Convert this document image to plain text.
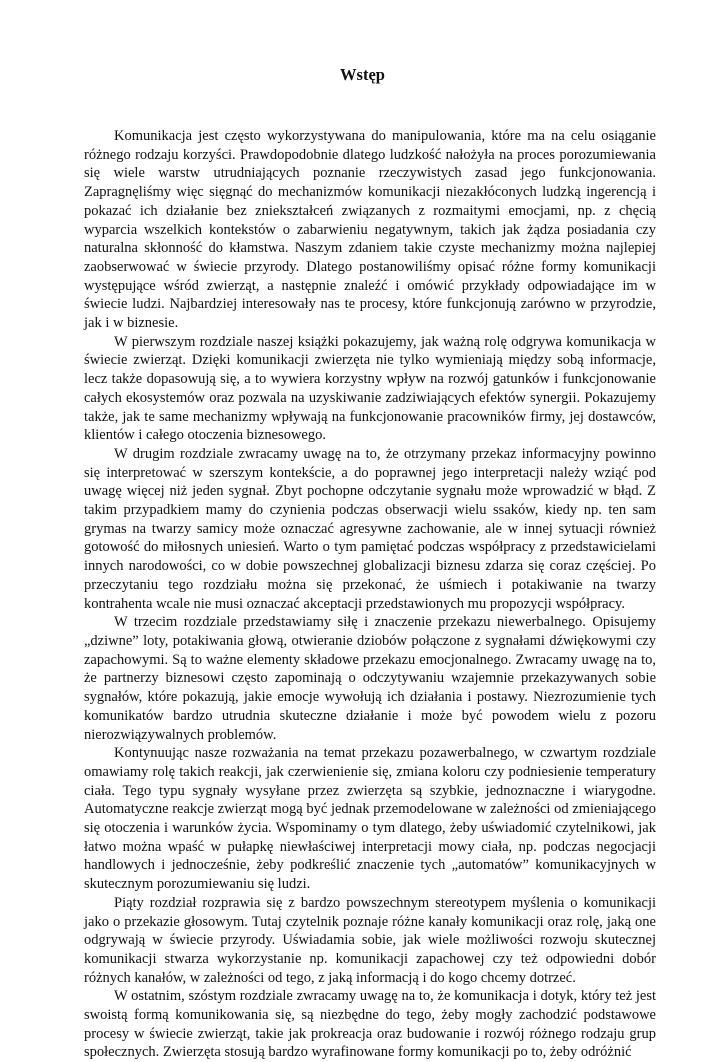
Wstęp

Komunikacja jest często wykorzystywana do manipulowania, które ma na celu osiąganie różnego rodzaju korzyści. Prawdopodobnie dlatego ludzkość nałożyła na proces porozumiewania się wiele warstw utrudniających poznanie rzeczywistych zasad jego funkcjonowania. Zapragnęliśmy więc sięgnąć do mechanizmów komunikacji niezakłóconych ludzką ingerencją i pokazać ich działanie bez zniekształceń związanych z rozmaitymi emocjami, np. z chęcią wyparcia wszelkich kontekstów o zabarwieniu negatywnym, takich jak żądza posiadania czy naturalna skłonność do kłamstwa. Naszym zdaniem takie czyste mechanizmy można najlepiej zaobserwować w świecie przyrody. Dlatego postanowiliśmy opisać różne formy komunikacji występujące wśród zwierząt, a następnie znaleźć i omówić przykłady odpowiadające im w świecie ludzi. Najbardziej interesowały nas te procesy, które funkcjonują zarówno w przyrodzie, jak i w biznesie.

W pierwszym rozdziale naszej książki pokazujemy, jak ważną rolę odgrywa komunikacja w świecie zwierząt. Dzięki komunikacji zwierzęta nie tylko wymieniają między sobą informacje, lecz także dopasowują się, a to wywiera korzystny wpływ na rozwój gatunków i funkcjonowanie całych ekosystemów oraz pozwala na uzyskiwanie zadziwiających efektów synergii. Pokazujemy także, jak te same mechanizmy wpływają na funkcjonowanie pracowników firmy, jej dostawców, klientów i całego otoczenia biznesowego.

W drugim rozdziale zwracamy uwagę na to, że otrzymany przekaz informacyjny powinno się interpretować w szerszym kontekście, a do poprawnej jego interpretacji należy wziąć pod uwagę więcej niż jeden sygnał. Zbyt pochopne odczytanie sygnału może wprowadzić w błąd. Z takim przypadkiem mamy do czynienia podczas obserwacji wielu ssaków, kiedy np. ten sam grymas na twarzy samicy może oznaczać agresywne zachowanie, ale w innej sytuacji również gotowość do miłosnych uniesień. Warto o tym pamiętać podczas współpracy z przedstawicielami innych narodowości, co w dobie powszechnej globalizacji biznesu zdarza się coraz częściej. Po przeczytaniu tego rozdziału można się przekonać, że uśmiech i potakiwanie na twarzy kontrahenta wcale nie musi oznaczać akceptacji przedstawionych mu propozycji współpracy.

W trzecim rozdziale przedstawiamy siłę i znaczenie przekazu niewerbalnego. Opisujemy „dziwne” loty, potakiwania głową, otwieranie dziobów połączone z sygnałami dźwiękowymi czy zapachowymi. Są to ważne elementy składowe przekazu emocjonalnego. Zwracamy uwagę na to, że partnerzy biznesowi często zapominają o odczytywaniu wzajemnie przekazywanych sobie sygnałów, które pokazują, jakie emocje wywołują ich działania i postawy. Niezrozumienie tych komunikatów bardzo utrudnia skuteczne działanie i może być powodem wielu z pozoru nierozwiązywalnych problemów.

Kontynuując nasze rozważania na temat przekazu pozawerbalnego, w czwartym rozdziale omawiamy rolę takich reakcji, jak czerwienienie się, zmiana koloru czy podniesienie temperatury ciała. Tego typu sygnały wysyłane przez zwierzęta są szybkie, jednoznaczne i wiarygodne. Automatyczne reakcje zwierząt mogą być jednak przemodelowane w zależności od zmieniającego się otoczenia i warunków życia. Wspominamy o tym dlatego, żeby uświadomić czytelnikowi, jak łatwo można wpaść w pułapkę niewłaściwej interpretacji mowy ciała, np. podczas negocjacji handlowych i jednocześnie, żeby podkreślić znaczenie tych „automatów” komunikacyjnych w skutecznym porozumiewaniu się ludzi.

Piąty rozdział rozprawia się z bardzo powszechnym stereotypem myślenia o komunikacji jako o przekazie głosowym. Tutaj czytelnik poznaje różne kanały komunikacji oraz rolę, jaką one odgrywają w świecie przyrody. Uświadamia sobie, jak wiele możliwości rozwoju skutecznej komunikacji stwarza wykorzystanie np. komunikacji zapachowej czy też odpowiedni dobór różnych kanałów, w zależności od tego, z jaką informacją i do kogo chcemy dotrzeć.

W ostatnim, szóstym rozdziale zwracamy uwagę na to, że komunikacja i dotyk, który też jest swoistą formą komunikowania się, są niezbędne do tego, żeby mogły zachodzić podstawowe procesy w świecie zwierząt, takie jak prokreacja oraz budowanie i rozwój różnego rodzaju grup społecznych. Zwierzęta stosują bardzo wyrafinowane formy komunikacji po to, żeby odróżnić
